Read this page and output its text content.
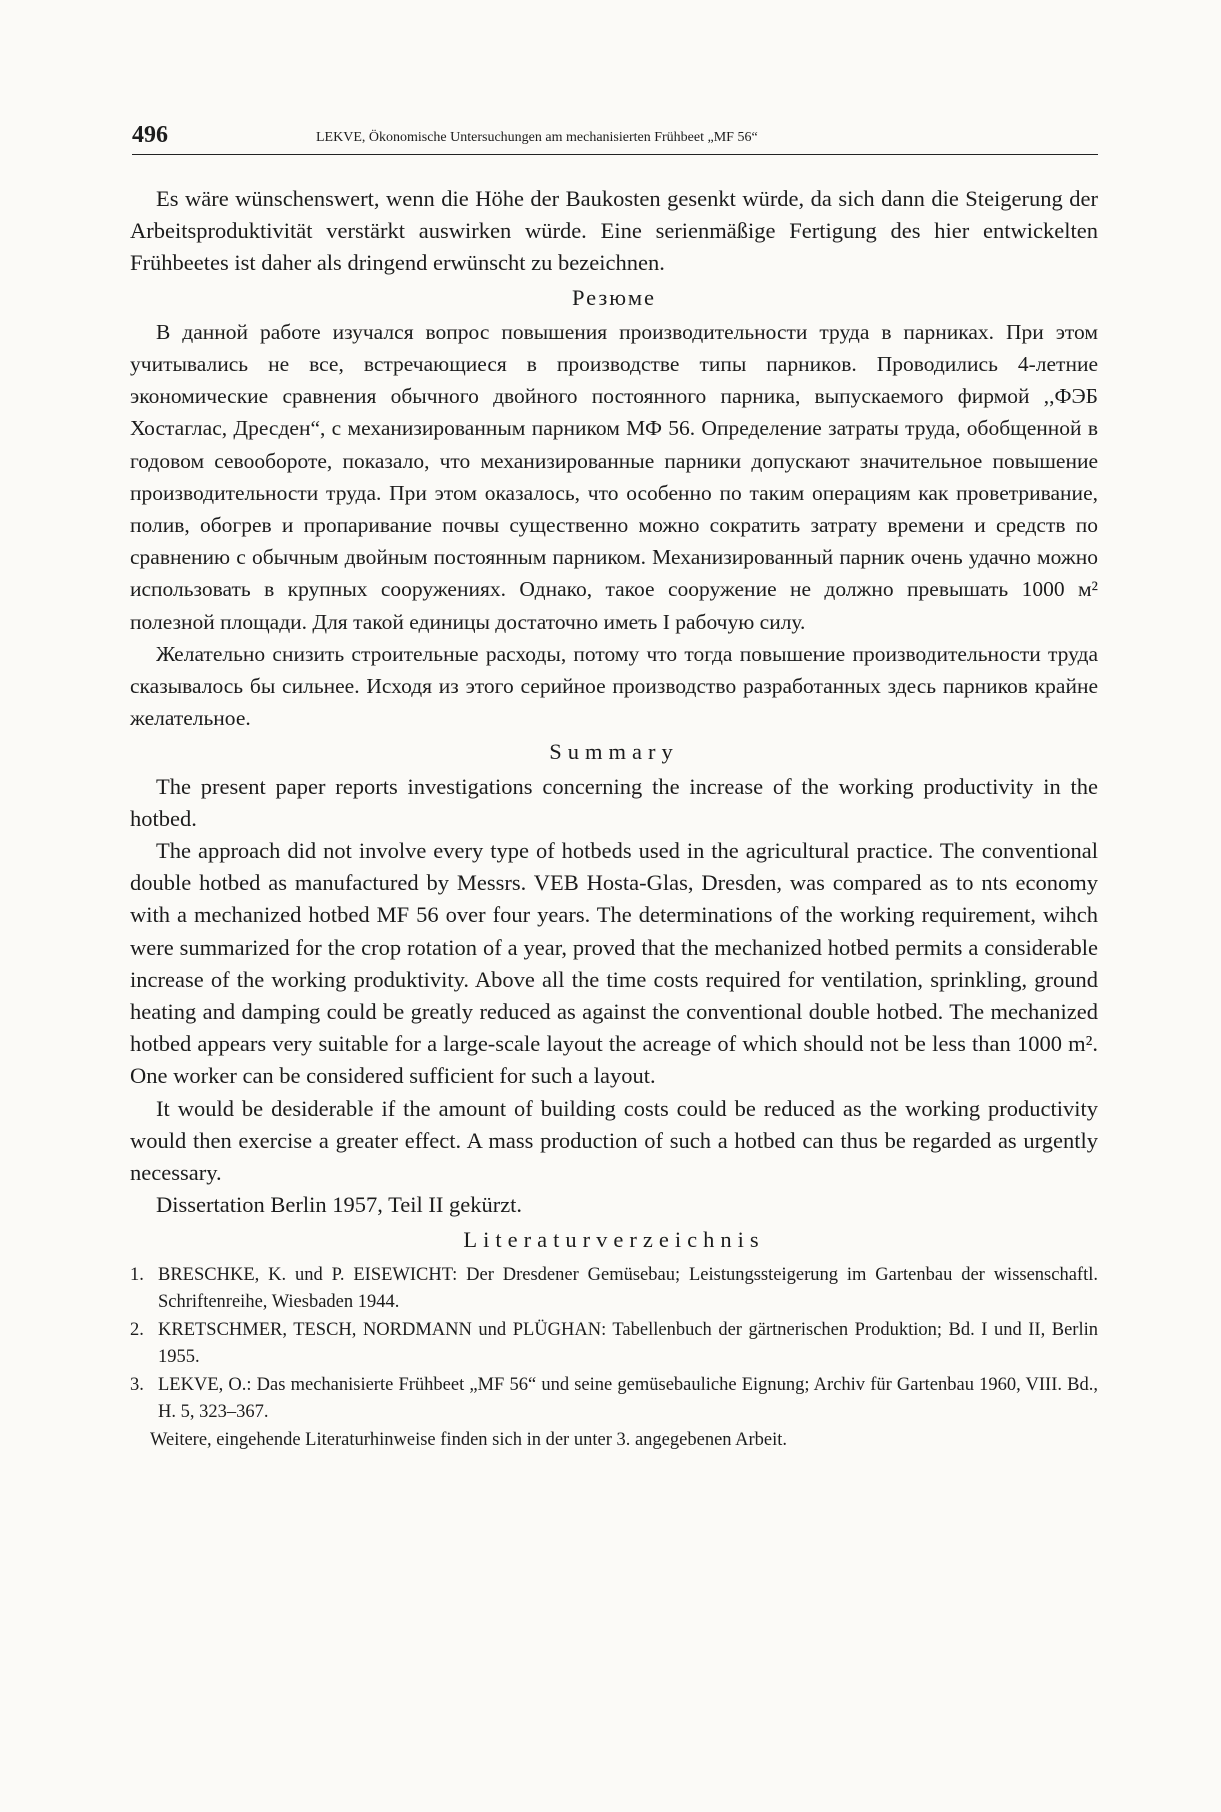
496	LEKVE, Ökonomische Untersuchungen am mechanisierten Frühbeet „MF 56“

Es wäre wünschenswert, wenn die Höhe der Baukosten gesenkt würde, da sich dann die Steigerung der Arbeitsproduktivität verstärkt auswirken würde. Eine serienmäßige Fertigung des hier entwickelten Frühbeetes ist daher als dringend erwünscht zu bezeichnen.

Резюме

В данной работе изучался вопрос повышения производительности труда в парниках. При этом учитывались не все, встречающиеся в производстве типы парников. Проводились 4-летние экономические сравнения обычного двойного постоянного парника, выпускаемого фирмой ,,ФЭБ Хостаглас, Дресден“, с механизированным парником МФ 56. Определение затраты труда, обобщенной в годовом севообороте, показало, что механизированные парники допускают значительное повышение производительности труда. При этом оказалось, что особенно по таким операциям как проветривание, полив, обогрев и пропаривание почвы существенно можно сократить затрату времени и средств по сравнению с обычным двойным постоянным парником. Механизированный парник очень удачно можно использовать в крупных сооружениях. Однако, такое сооружение не должно превышать 1000 м² полезной площади. Для такой единицы достаточно иметь I рабочую силу.

Желательно снизить строительные расходы, потому что тогда повышение производительности труда сказывалось бы сильнее. Исходя из этого серийное производство разработанных здесь парников крайне желательное.

Summary

The present paper reports investigations concerning the increase of the working productivity in the hotbed.

The approach did not involve every type of hotbeds used in the agricultural practice. The conventional double hotbed as manufactured by Messrs. VEB Hosta-Glas, Dresden, was compared as to nts economy with a mechanized hotbed MF 56 over four years. The determinations of the working requirement, wihch were summarized for the crop rotation of a year, proved that the mechanized hotbed permits a considerable increase of the working produktivity. Above all the time costs required for ventilation, sprinkling, ground heating and damping could be greatly reduced as against the conventional double hotbed. The mechanized hotbed appears very suitable for a large-scale layout the acreage of which should not be less than 1000 m². One worker can be considered sufficient for such a layout.

It would be desiderable if the amount of building costs could be reduced as the working productivity would then exercise a greater effect. A mass production of such a hotbed can thus be regarded as urgently necessary.

Dissertation Berlin 1957, Teil II gekürzt.

Literaturverzeichnis

1. BRESCHKE, K. und P. EISEWICHT: Der Dresdener Gemüsebau; Leistungssteigerung im Gartenbau der wissenschaftl. Schriftenreihe, Wiesbaden 1944.
2. KRETSCHMER, TESCH, NORDMANN und PLÜGHAN: Tabellenbuch der gärtnerischen Produktion; Bd. I und II, Berlin 1955.
3. LEKVE, O.: Das mechanisierte Frühbeet „MF 56“ und seine gemüsebauliche Eignung; Archiv für Gartenbau 1960, VIII. Bd., H. 5, 323–367.

Weitere, eingehende Literaturhinweise finden sich in der unter 3. angegebenen Arbeit.
